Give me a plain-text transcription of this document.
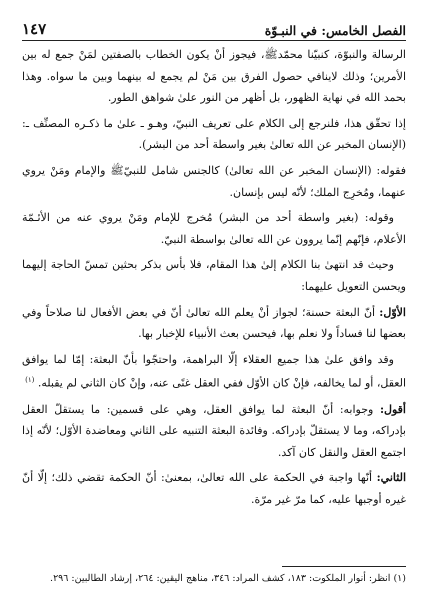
الفصل الخامس: في النبـوّة
١٤٧

الرسالة والنبوّة، كنبيّنا محمّدﷺ، فيجوز أنْ يكون الخطاب بالصفتين لمَنْ جمع له بين الأمرين؛ وذلك لاينافي حصول الفرق بين مَنْ لم يجمع له بينهما وبين ما سواه. وهذا بحمد الله في نهاية الظهور، بل أظهر من النور علىٰ شواهق الطور.

إذا تحقّق هذا، فلنرجع إلى الكلام على تعريف النبيّ، وهـو ـ علىٰ ما ذكـره المصنِّف ـ: (الإنسان المخبر عن الله تعالىٰ بغير واسطة أحد من البشر).

فقوله: (الإنسان المخبر عن الله تعالىٰ) كالجنس شامل للنبيّﷺ والإمام ومَنْ يروي عنهما، ومُخرِج الملك؛ لأنّه ليس بإنسان.

وقوله: (بغير واسطة أحد من البشر) مُخرج للإمام ومَنْ يروي عنه من الأئـمّة الأعلام، فإنّهم إنّما يروون عن الله تعالىٰ بواسطة النبيّ.

وحيث قد انتهىٰ بنا الكلام إلىٰ هذا المقام، فلا بأس بذكر بحثين تمسّ الحاجة إليهما ويحسن التعويل عليهما:

الأوّل: أنّ البعثة حسنة؛ لجواز أنْ يعلم الله تعالىٰ أنّ في بعض الأفعال لنا صلاحاً وفي بعضها لنا فساداً ولا نعلم بها، فيحسن بعث الأنبياء للإخبار بها.

وقد وافق علىٰ هذا جميع العقلاء إلّا البراهمة، واحتجّوا بأنّ البعثة: إمّا لما يوافق العقل، أو لما يخالفه، فإنْ كان الأوّل ففي العقل غنًى عنه، وإنْ كان الثاني لم يقبله. $^{(١)}$

أقول: وجوابه: أنّ البعثة لما يوافق العقل، وهي على قسمين: ما يستقلّ العقل بإدراكه، وما لا يستقلّ بإدراكه. وفائدة البعثة التنبيه على الثاني ومعاضدة الأوّل؛ لأنّه إذا اجتمع العقل والنقل كان آكد.

الثاني: أنّها واجبة في الحكمة على الله تعالىٰ، بمعنىٰ: أنّ الحكمة تقضي ذلك؛ إلّا أنّ غيره أوجبها عليه، كما مرّ غير مرّة.

(١) انظر: أنوار الملكوت: ١٨٣، كشف المراد: ٣٤٦، مناهج اليقين: ٢٦٤، إرشاد الطالبين: ٢٩٦.
